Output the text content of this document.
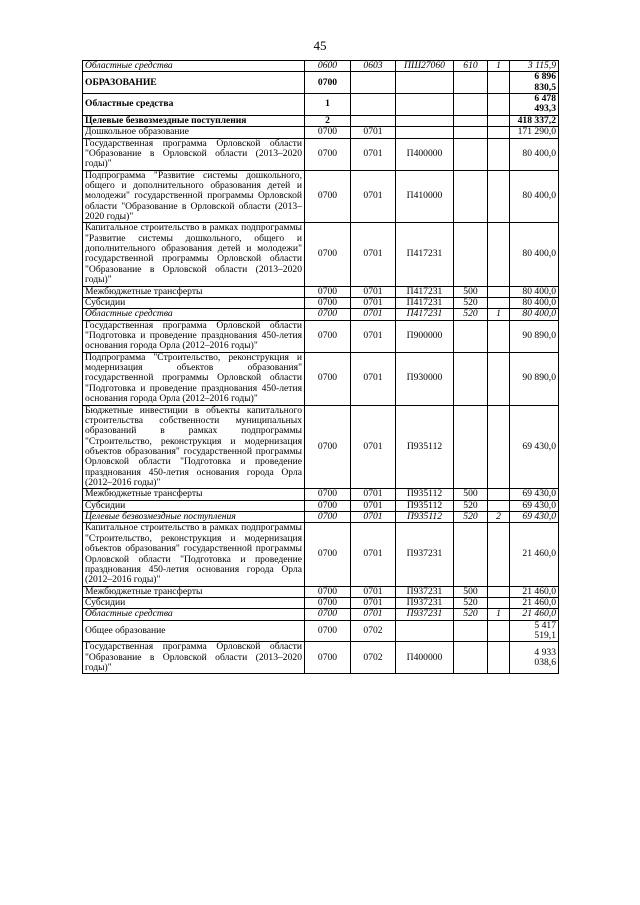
45
Областные средства	0600	0603	ПШ27060	610	1	3 115,9
ОБРАЗОВАНИЕ	0700					6 896 830,5
Областные средства	1					6 478 493,3
Целевые безвозмездные поступления	2					418 337,2
Дошкольное образование	0700	0701				171 290,0
Государственная программа Орловской области "Образование в Орловской области (2013–2020 годы)"	0700	0701	П400000			80 400,0
Подпрограмма "Развитие системы дошкольного, общего и дополнительного образования детей и молодежи" государственной программы Орловской области "Образование в Орловской области (2013–2020 годы)"	0700	0701	П410000			80 400,0
Капитальное строительство в рамках подпрограммы "Развитие системы дошкольного, общего и дополнительного образования детей и молодежи" государственной программы Орловской области "Образование в Орловской области (2013–2020 годы)"	0700	0701	П417231			80 400,0
Межбюджетные трансферты	0700	0701	П417231	500		80 400,0
Субсидии	0700	0701	П417231	520		80 400,0
Областные средства	0700	0701	П417231	520	1	80 400,0
Государственная программа Орловской области "Подготовка и проведение празднования 450-летия основания города Орла (2012–2016 годы)"	0700	0701	П900000			90 890,0
Подпрограмма "Строительство, реконструкция и модернизация объектов образования" государственной программы Орловской области "Подготовка и проведение празднования 450-летия основания города Орла (2012–2016 годы)"	0700	0701	П930000			90 890,0
Бюджетные инвестиции в объекты капитального строительства собственности муниципальных образований в рамках подпрограммы "Строительство, реконструкция и модернизация объектов образования" государственной программы Орловской области "Подготовка и проведение празднования 450-летия основания города Орла (2012–2016 годы)"	0700	0701	П935112			69 430,0
Межбюджетные трансферты	0700	0701	П935112	500		69 430,0
Субсидии	0700	0701	П935112	520		69 430,0
Целевые безвозмездные поступления	0700	0701	П935112	520	2	69 430,0
Капитальное строительство в рамках подпрограммы "Строительство, реконструкция и модернизация объектов образования" государственной программы Орловской области "Подготовка и проведение празднования 450-летия основания города Орла (2012–2016 годы)"	0700	0701	П937231			21 460,0
Межбюджетные трансферты	0700	0701	П937231	500		21 460,0
Субсидии	0700	0701	П937231	520		21 460,0
Областные средства	0700	0701	П937231	520	1	21 460,0
Общее образование	0700	0702				5 417 519,1
Государственная программа Орловской области "Образование в Орловской области (2013–2020 годы)"	0700	0702	П400000			4 933 038,6
